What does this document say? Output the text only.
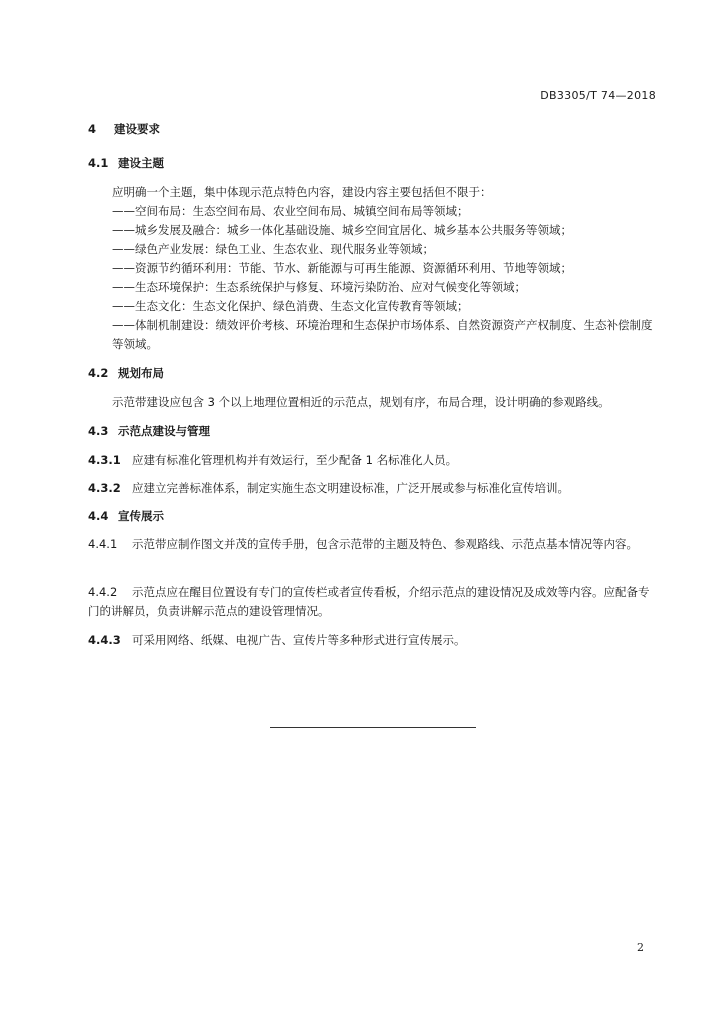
DB3305/T 74—2018
4 建设要求
4.1 建设主题
应明确一个主题，集中体现示范点特色内容，建设内容主要包括但不限于：
——空间布局：生态空间布局、农业空间布局、城镇空间布局等领域；
——城乡发展及融合：城乡一体化基础设施、城乡空间宜居化、城乡基本公共服务等领域；
——绿色产业发展：绿色工业、生态农业、现代服务业等领域；
——资源节约循环利用：节能、节水、新能源与可再生能源、资源循环利用、节地等领域；
——生态环境保护：生态系统保护与修复、环境污染防治、应对气候变化等领域；
——生态文化：生态文化保护、绿色消费、生态文化宣传教育等领域；
——体制机制建设：绩效评价考核、环境治理和生态保护市场体系、自然资源资产产权制度、生态补偿制度等领域。
4.2 规划布局
示范带建设应包含 3 个以上地理位置相近的示范点，规划有序，布局合理，设计明确的参观路线。
4.3 示范点建设与管理
4.3.1 应建有标准化管理机构并有效运行，至少配备 1 名标准化人员。
4.3.2 应建立完善标准体系，制定实施生态文明建设标准，广泛开展或参与标准化宣传培训。
4.4 宣传展示
4.4.1 示范带应制作图文并茂的宣传手册，包含示范带的主题及特色、参观路线、示范点基本情况等内容。
4.4.2 示范点应在醒目位置设有专门的宣传栏或者宣传看板，介绍示范点的建设情况及成效等内容。应配备专门的讲解员，负责讲解示范点的建设管理情况。
4.4.3 可采用网络、纸媒、电视广告、宣传片等多种形式进行宣传展示。
2
